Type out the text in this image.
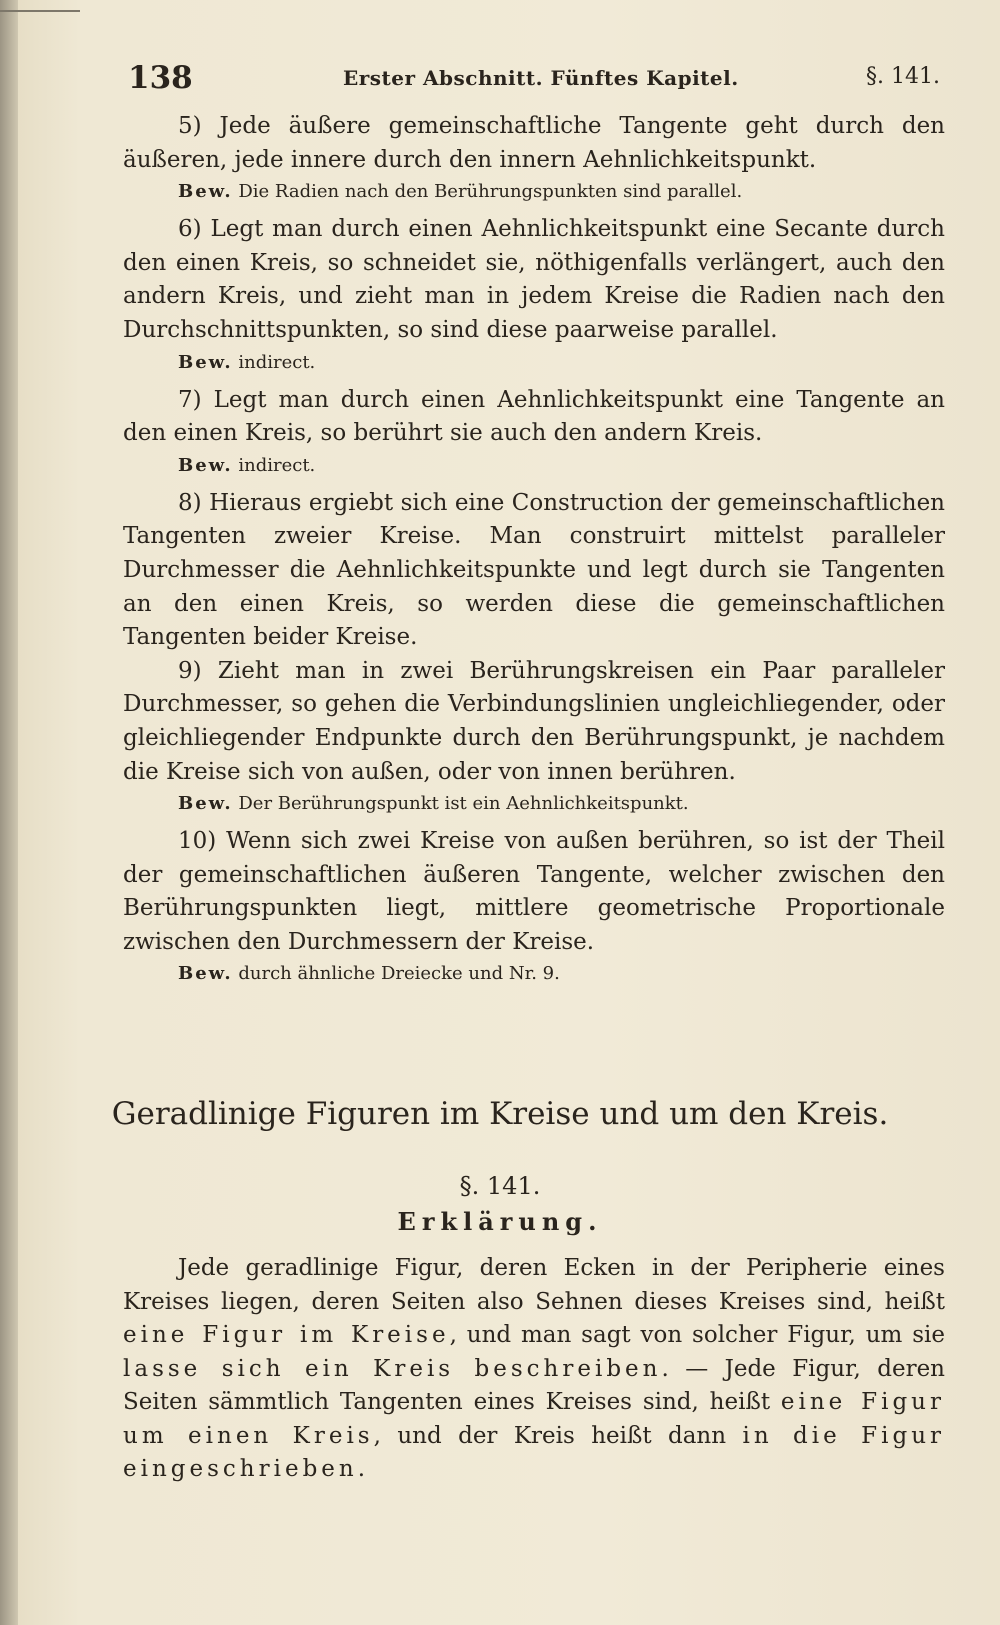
138	Erster Abschnitt. Fünftes Kapitel.	§. 141.

5) Jede äußere gemeinschaftliche Tangente geht durch den äußeren, jede innere durch den innern Aehnlichkeitspunkt.

Bew. Die Radien nach den Berührungspunkten sind parallel.

6) Legt man durch einen Aehnlichkeitspunkt eine Secante durch den einen Kreis, so schneidet sie, nöthigenfalls verlängert, auch den andern Kreis, und zieht man in jedem Kreise die Radien nach den Durchschnittspunkten, so sind diese paarweise parallel.

Bew. indirect.

7) Legt man durch einen Aehnlichkeitspunkt eine Tangente an den einen Kreis, so berührt sie auch den andern Kreis.

Bew. indirect.

8) Hieraus ergiebt sich eine Construction der gemeinschaftlichen Tangenten zweier Kreise. Man construirt mittelst paralleler Durchmesser die Aehnlichkeitspunkte und legt durch sie Tangenten an den einen Kreis, so werden diese die gemeinschaftlichen Tangenten beider Kreise.

9) Zieht man in zwei Berührungskreisen ein Paar paralleler Durchmesser, so gehen die Verbindungslinien ungleichliegender, oder gleichliegender Endpunkte durch den Berührungspunkt, je nachdem die Kreise sich von außen, oder von innen berühren.

Bew. Der Berührungspunkt ist ein Aehnlichkeitspunkt.

10) Wenn sich zwei Kreise von außen berühren, so ist der Theil der gemeinschaftlichen äußeren Tangente, welcher zwischen den Berührungspunkten liegt, mittlere geometrische Proportionale zwischen den Durchmessern der Kreise.

Bew. durch ähnliche Dreiecke und Nr. 9.

Geradlinige Figuren im Kreise und um den Kreis.
§. 141.
Erklärung.

Jede geradlinige Figur, deren Ecken in der Peripherie eines Kreises liegen, deren Seiten also Sehnen dieses Kreises sind, heißt eine Figur im Kreise, und man sagt von solcher Figur, um sie lasse sich ein Kreis beschreiben. — Jede Figur, deren Seiten sämmtlich Tangenten eines Kreises sind, heißt eine Figur um einen Kreis, und der Kreis heißt dann in die Figur eingeschrieben.
